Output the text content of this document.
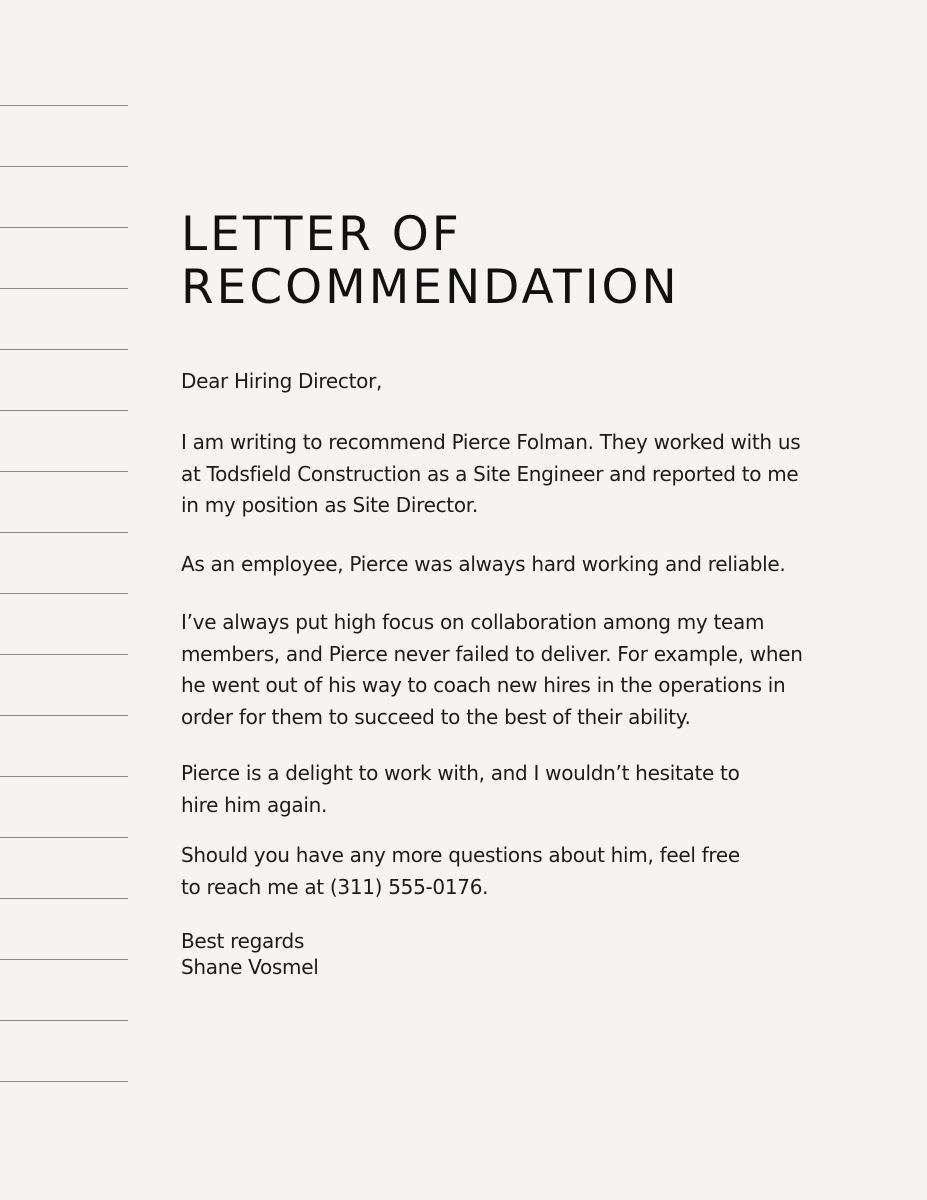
LETTER OF
RECOMMENDATION

Dear Hiring Director,

I am writing to recommend Pierce Folman. They worked with us
at Todsfield Construction as a Site Engineer and reported to me
in my position as Site Director.

As an employee, Pierce was always hard working and reliable.

I’ve always put high focus on collaboration among my team
members, and Pierce never failed to deliver. For example, when
he went out of his way to coach new hires in the operations in
order for them to succeed to the best of their ability.

Pierce is a delight to work with, and I wouldn’t hesitate to
hire him again.

Should you have any more questions about him, feel free
to reach me at (311) 555-0176.

Best regards
Shane Vosmel
